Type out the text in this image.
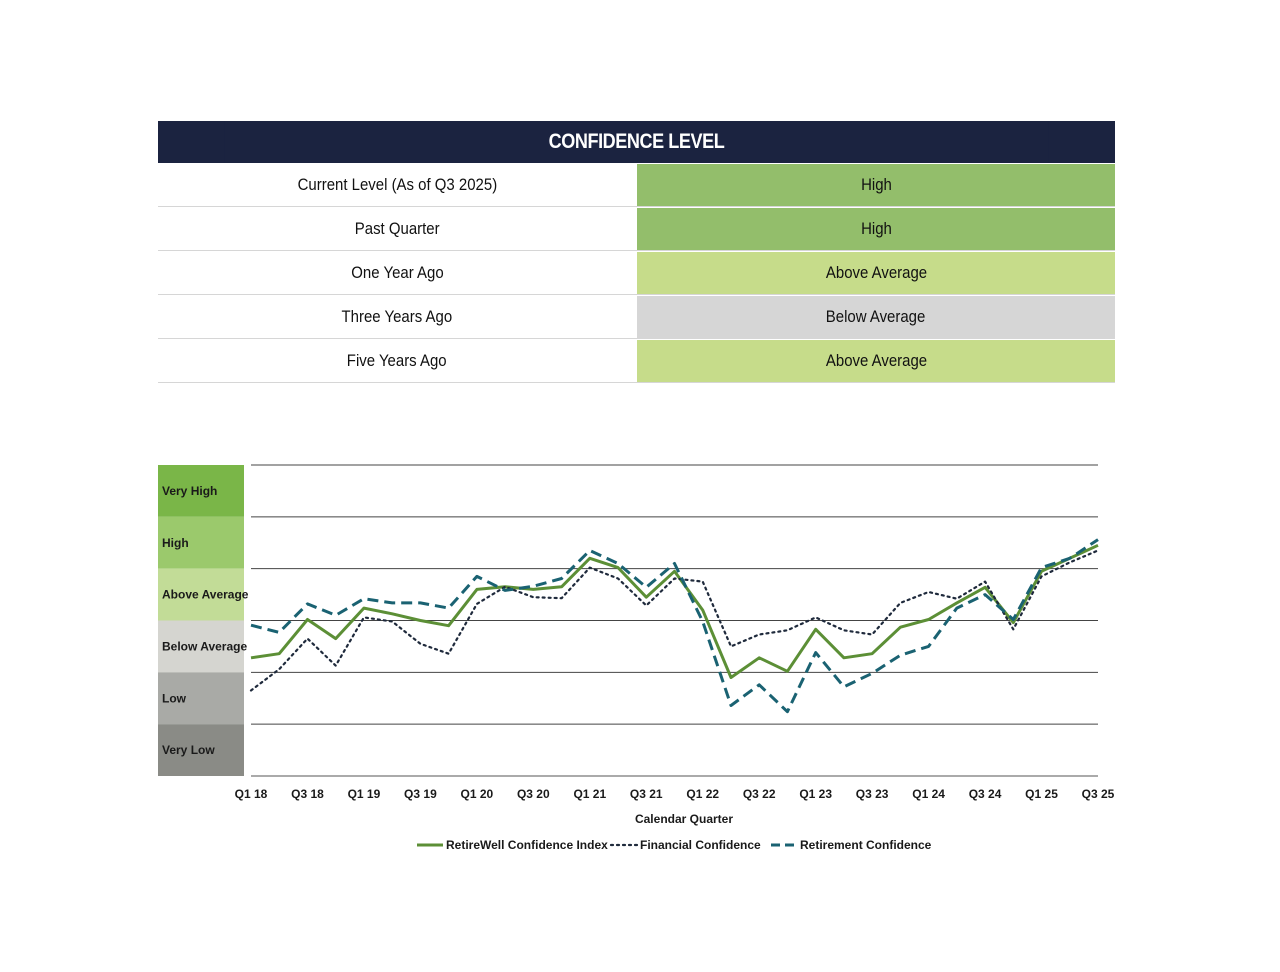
CONFIDENCE LEVEL
Current Level (As of Q3 2025)	High
Past Quarter	High
One Year Ago	Above Average
Three Years Ago	Below Average
Five Years Ago	Above Average
Very High
High
Above Average
Below Average
Low
Very Low
Q1 18 Q3 18 Q1 19 Q3 19 Q1 20 Q3 20 Q1 21 Q3 21 Q1 22 Q3 22 Q1 23 Q3 23 Q1 24 Q3 24 Q1 25 Q3 25
Calendar Quarter
RetireWell Confidence Index	Financial Confidence	Retirement Confidence
